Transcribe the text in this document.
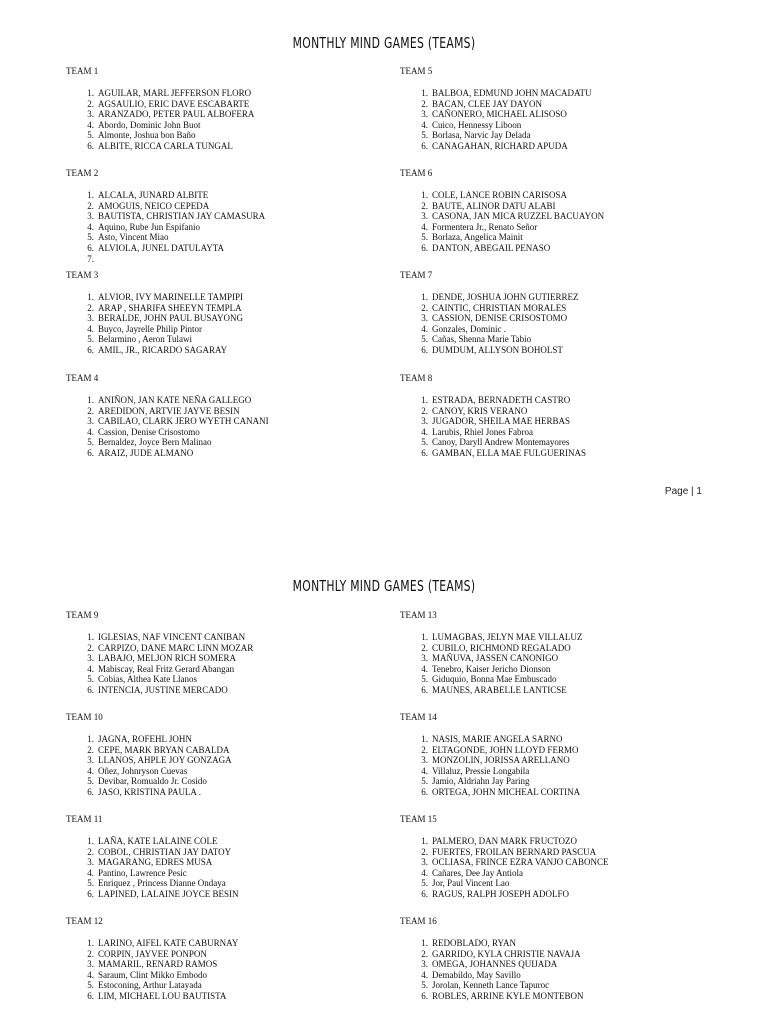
MONTHLY MIND GAMES (TEAMS)
Page | 1

TEAM 1

1. AGUILAR, MARL JEFFERSON FLORO
2. AGSAULIO, ERIC DAVE ESCABARTE
3. ARANZADO, PETER PAUL ALBOFERA
4. Abordo, Dominic John Buot
5. Almonte, Joshua bon Baño
6. ALBITE, RICCA CARLA TUNGAL

TEAM 5

1. BALBOA, EDMUND JOHN MACADATU
2. BACAN, CLEE JAY DAYON
3. CAÑONERO, MICHAEL ALISOSO
4. Cuico, Hennessy Liboon
5. Borlasa, Narvic Jay Delada
6. CANAGAHAN, RICHARD APUDA

TEAM 2

1. ALCALA, JUNARD ALBITE
2. AMOGUIS, NEICO CEPEDA
3. BAUTISTA, CHRISTIAN JAY CAMASURA
4. Aquino, Rube Jun Espifanio
5. Asto, Vincent Miao
6. ALVIOLA, JUNEL DATULAYTA
7.

TEAM 6

1. COLE, LANCE ROBIN CARISOSA
2. BAUTE, ALINOR DATU ALABI
3. CASONA, JAN MICA RUZZEL BACUAYON
4. Formentera Jr., Renato Señor
5. Borlaza, Angelica Mainit
6. DANTON, ABEGAIL PENASO

TEAM 3

1. ALVIOR, IVY MARINELLE TAMPIPI
2. ARAP , SHARIFA SHEEYN TEMPLA
3. BERALDE, JOHN PAUL BUSAYONG
4. Buyco, Jayrelle Philip Pintor
5. Belarmino , Aeron Tulawi
6. AMIL, JR., RICARDO SAGARAY

TEAM 7

1. DENDE, JOSHUA JOHN GUTIERREZ
2. CAINTIC, CHRISTIAN MORALES
3. CASSION, DENISE CRISOSTOMO
4. Gonzales, Dominic .
5. Cañas, Shenna Marie Tabio
6. DUMDUM, ALLYSON BOHOLST

TEAM 4

1. ANIÑON, JAN KATE NEÑA GALLEGO
2. AREDIDON, ARTVIE JAYVE BESIN
3. CABILAO, CLARK JERO WYETH CANANI
4. Cassion, Denise Crisostomo
5. Bernaldez, Joyce Bern Malinao
6. ARAIZ, JUDE ALMANO

TEAM 8

1. ESTRADA, BERNADETH CASTRO
2. CANOY, KRIS VERANO
3. JUGADOR, SHEILA MAE HERBAS
4. Larubis, Rhiel Jones Fabroa
5. Canoy, Daryll Andrew Montemayores
6. GAMBAN, ELLA MAE FULGUERINAS
MONTHLY MIND GAMES (TEAMS)

TEAM 9

1. IGLESIAS, NAF VINCENT CANIBAN
2. CARPIZO, DANE MARC LINN MOZAR
3. LABAJO, MELJON RICH SOMERA
4. Mabiscay, Real Fritz Gerard Abangan
5. Cobias, Althea Kate Llanos
6. INTENCIA, JUSTINE MERCADO

TEAM 13

1. LUMAGBAS, JELYN MAE VILLALUZ
2. CUBILO, RICHMOND REGALADO
3. MAÑUVA, JASSEN CANONIGO
4. Tenebro, Kaiser Jericho Dionson
5. Giduquio, Bonna Mae Embuscado
6. MAUNES, ARABELLE LANTICSE

TEAM 10

1. JAGNA, ROFEHL JOHN
2. CEPE, MARK BRYAN CABALDA
3. LLANOS, AHPLE JOY GONZAGA
4. Oñez, Johnryson Cuevas
5. Devibar, Romualdo Jr. Cosido
6. JASO, KRISTINA PAULA .

TEAM 14

1. NASIS, MARIE ANGELA SARNO
2. ELTAGONDE, JOHN LLOYD FERMO
3. MONZOLIN, JORISSA ARELLANO
4. Villaluz, Pressie Longabila
5. Jamio, Aldriahn Jay Paring
6. ORTEGA, JOHN MICHEAL CORTINA

TEAM 11

1. LAÑA, KATE LALAINE COLE
2. COBOL, CHRISTIAN JAY DATOY
3. MAGARANG, EDRES MUSA
4. Pantino, Lawrence Pesic
5. Enriquez , Princess Dianne Ondaya
6. LAPINED, LALAINE JOYCE BESIN

TEAM 15

1. PALMERO, DAN MARK FRUCTOZO
2. FUERTES, FROILAN BERNARD PASCUA
3. OCLIASA, FRINCE EZRA VANJO CABONCE
4. Cañares, Dee Jay Antiola
5. Jor, Paul Vincent Lao
6. RAGUS, RALPH JOSEPH ADOLFO

TEAM 12

1. LARINO, AIFEL KATE CABURNAY
2. CORPIN, JAYVEE PONPON
3. MAMARIL, RENARD RAMOS
4. Saraum, Clint Mikko Embodo
5. Estoconing, Arthur Latayada
6. LIM, MICHAEL LOU BAUTISTA

TEAM 16

1. REDOBLADO, RYAN
2. GARRIDO, KYLA CHRISTIE NAVAJA
3. OMEGA, JOHANNES QUIJADA
4. Demabildo, May Savillo
5. Jorolan, Kenneth Lance Tapuroc
6. ROBLES, ARRINE KYLE MONTEBON
